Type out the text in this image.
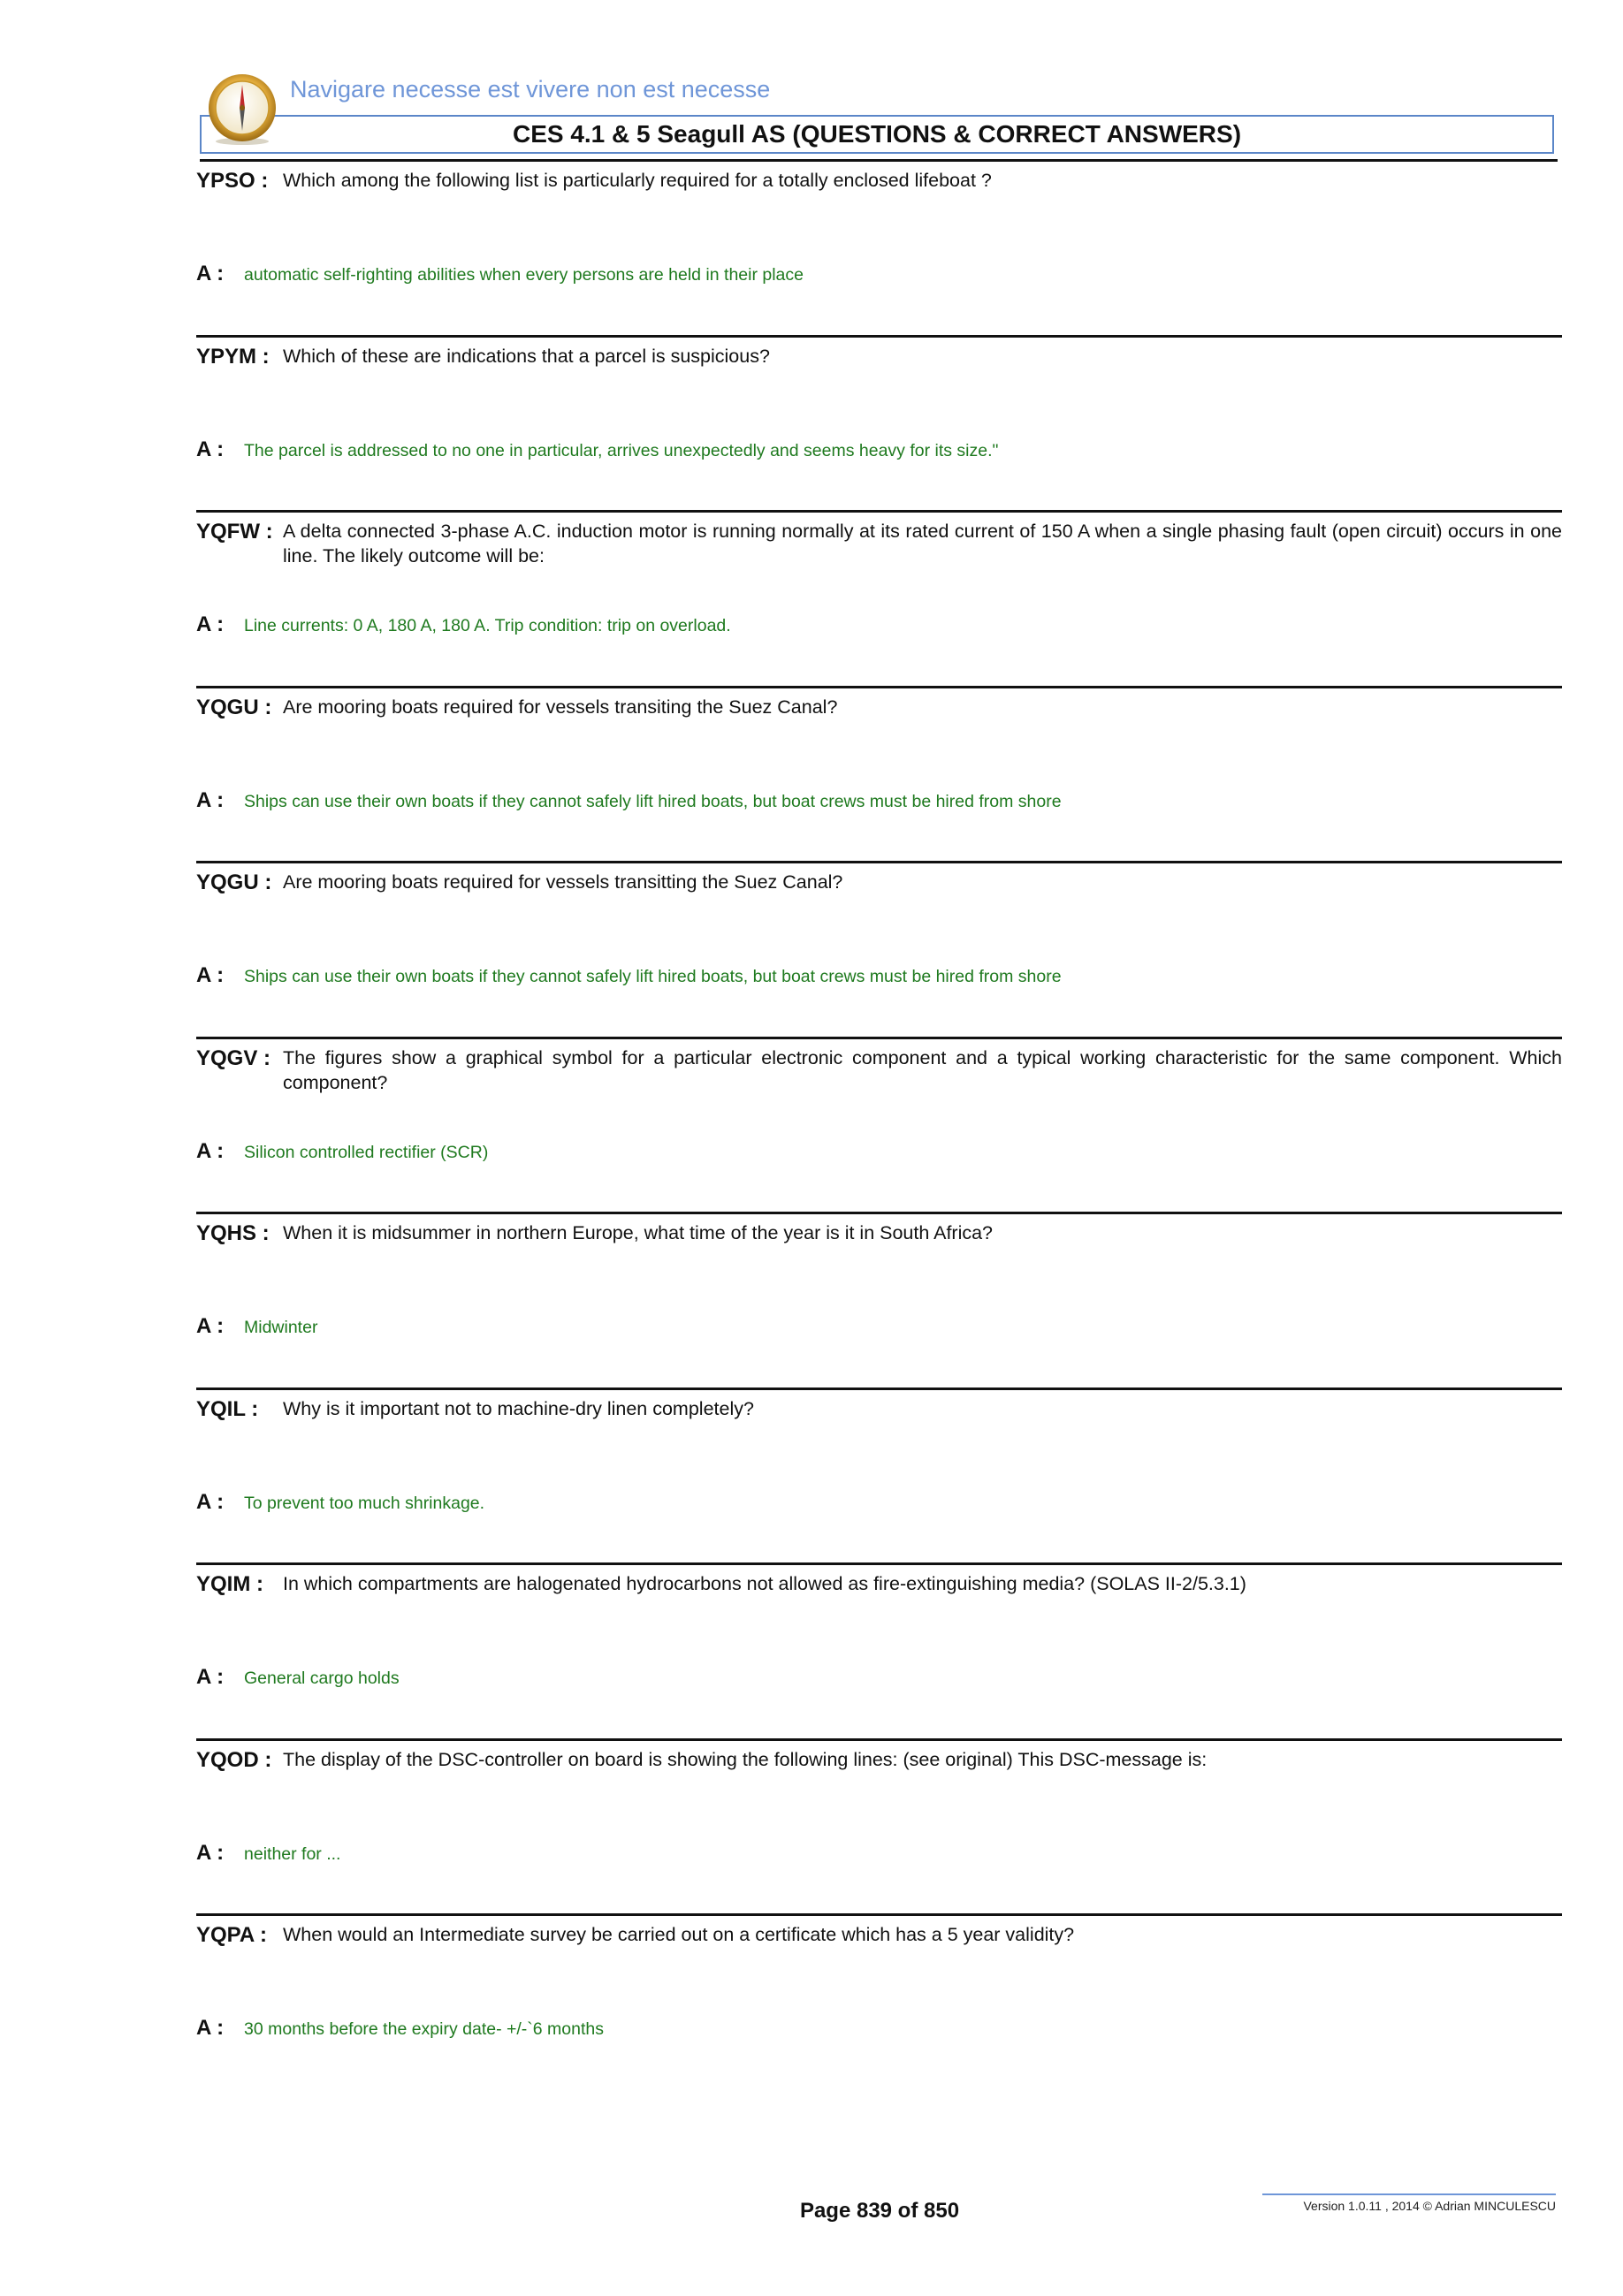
Navigare necesse est vivere non est necesse
CES 4.1 & 5 Seagull AS (QUESTIONS & CORRECT ANSWERS)
YPSO : Which among the following list is particularly required for a totally enclosed lifeboat ?
A :	automatic self-righting abilities when every persons are held in their place
YPYM : Which of these are indications that a parcel is suspicious?
A :	The parcel is addressed to no one in particular, arrives unexpectedly and seems heavy for its size."
YQFW : A delta connected 3-phase A.C. induction motor is running normally at its rated current of 150 A when a single phasing fault (open circuit) occurs in one line. The likely outcome will be:
A :	Line currents: 0 A, 180 A, 180 A. Trip condition: trip on overload.
YQGU : Are mooring boats required for vessels transiting the Suez Canal?
A :	Ships can use their own boats if they cannot safely lift hired boats, but boat crews must be hired from shore
YQGU : Are mooring boats required for vessels transitting the Suez Canal?
A :	Ships can use their own boats if they cannot safely lift hired boats, but boat crews must be hired from shore
YQGV : The figures show a graphical symbol for a particular electronic component and a typical working characteristic for the same component. Which component?
A :	Silicon controlled rectifier (SCR)
YQHS : When it is midsummer in northern Europe, what time of the year is it in South Africa?
A :	Midwinter
YQIL :	Why is it important not to machine-dry linen completely?
A :	To prevent too much shrinkage.
YQIM :	In which compartments are halogenated hydrocarbons not allowed as fire-extinguishing media? (SOLAS II-2/5.3.1)
A :	General cargo holds
YQOD : The display of the DSC-controller on board is showing the following lines: (see original) This DSC-message is:
A :	neither for ...
YQPA : When would an Intermediate survey be carried out on a certificate which has a 5 year validity?
A :	30 months before the expiry date- +/-`6 months
Page 839 of 850	Version 1.0.11 , 2014 © Adrian MINCULESCU
